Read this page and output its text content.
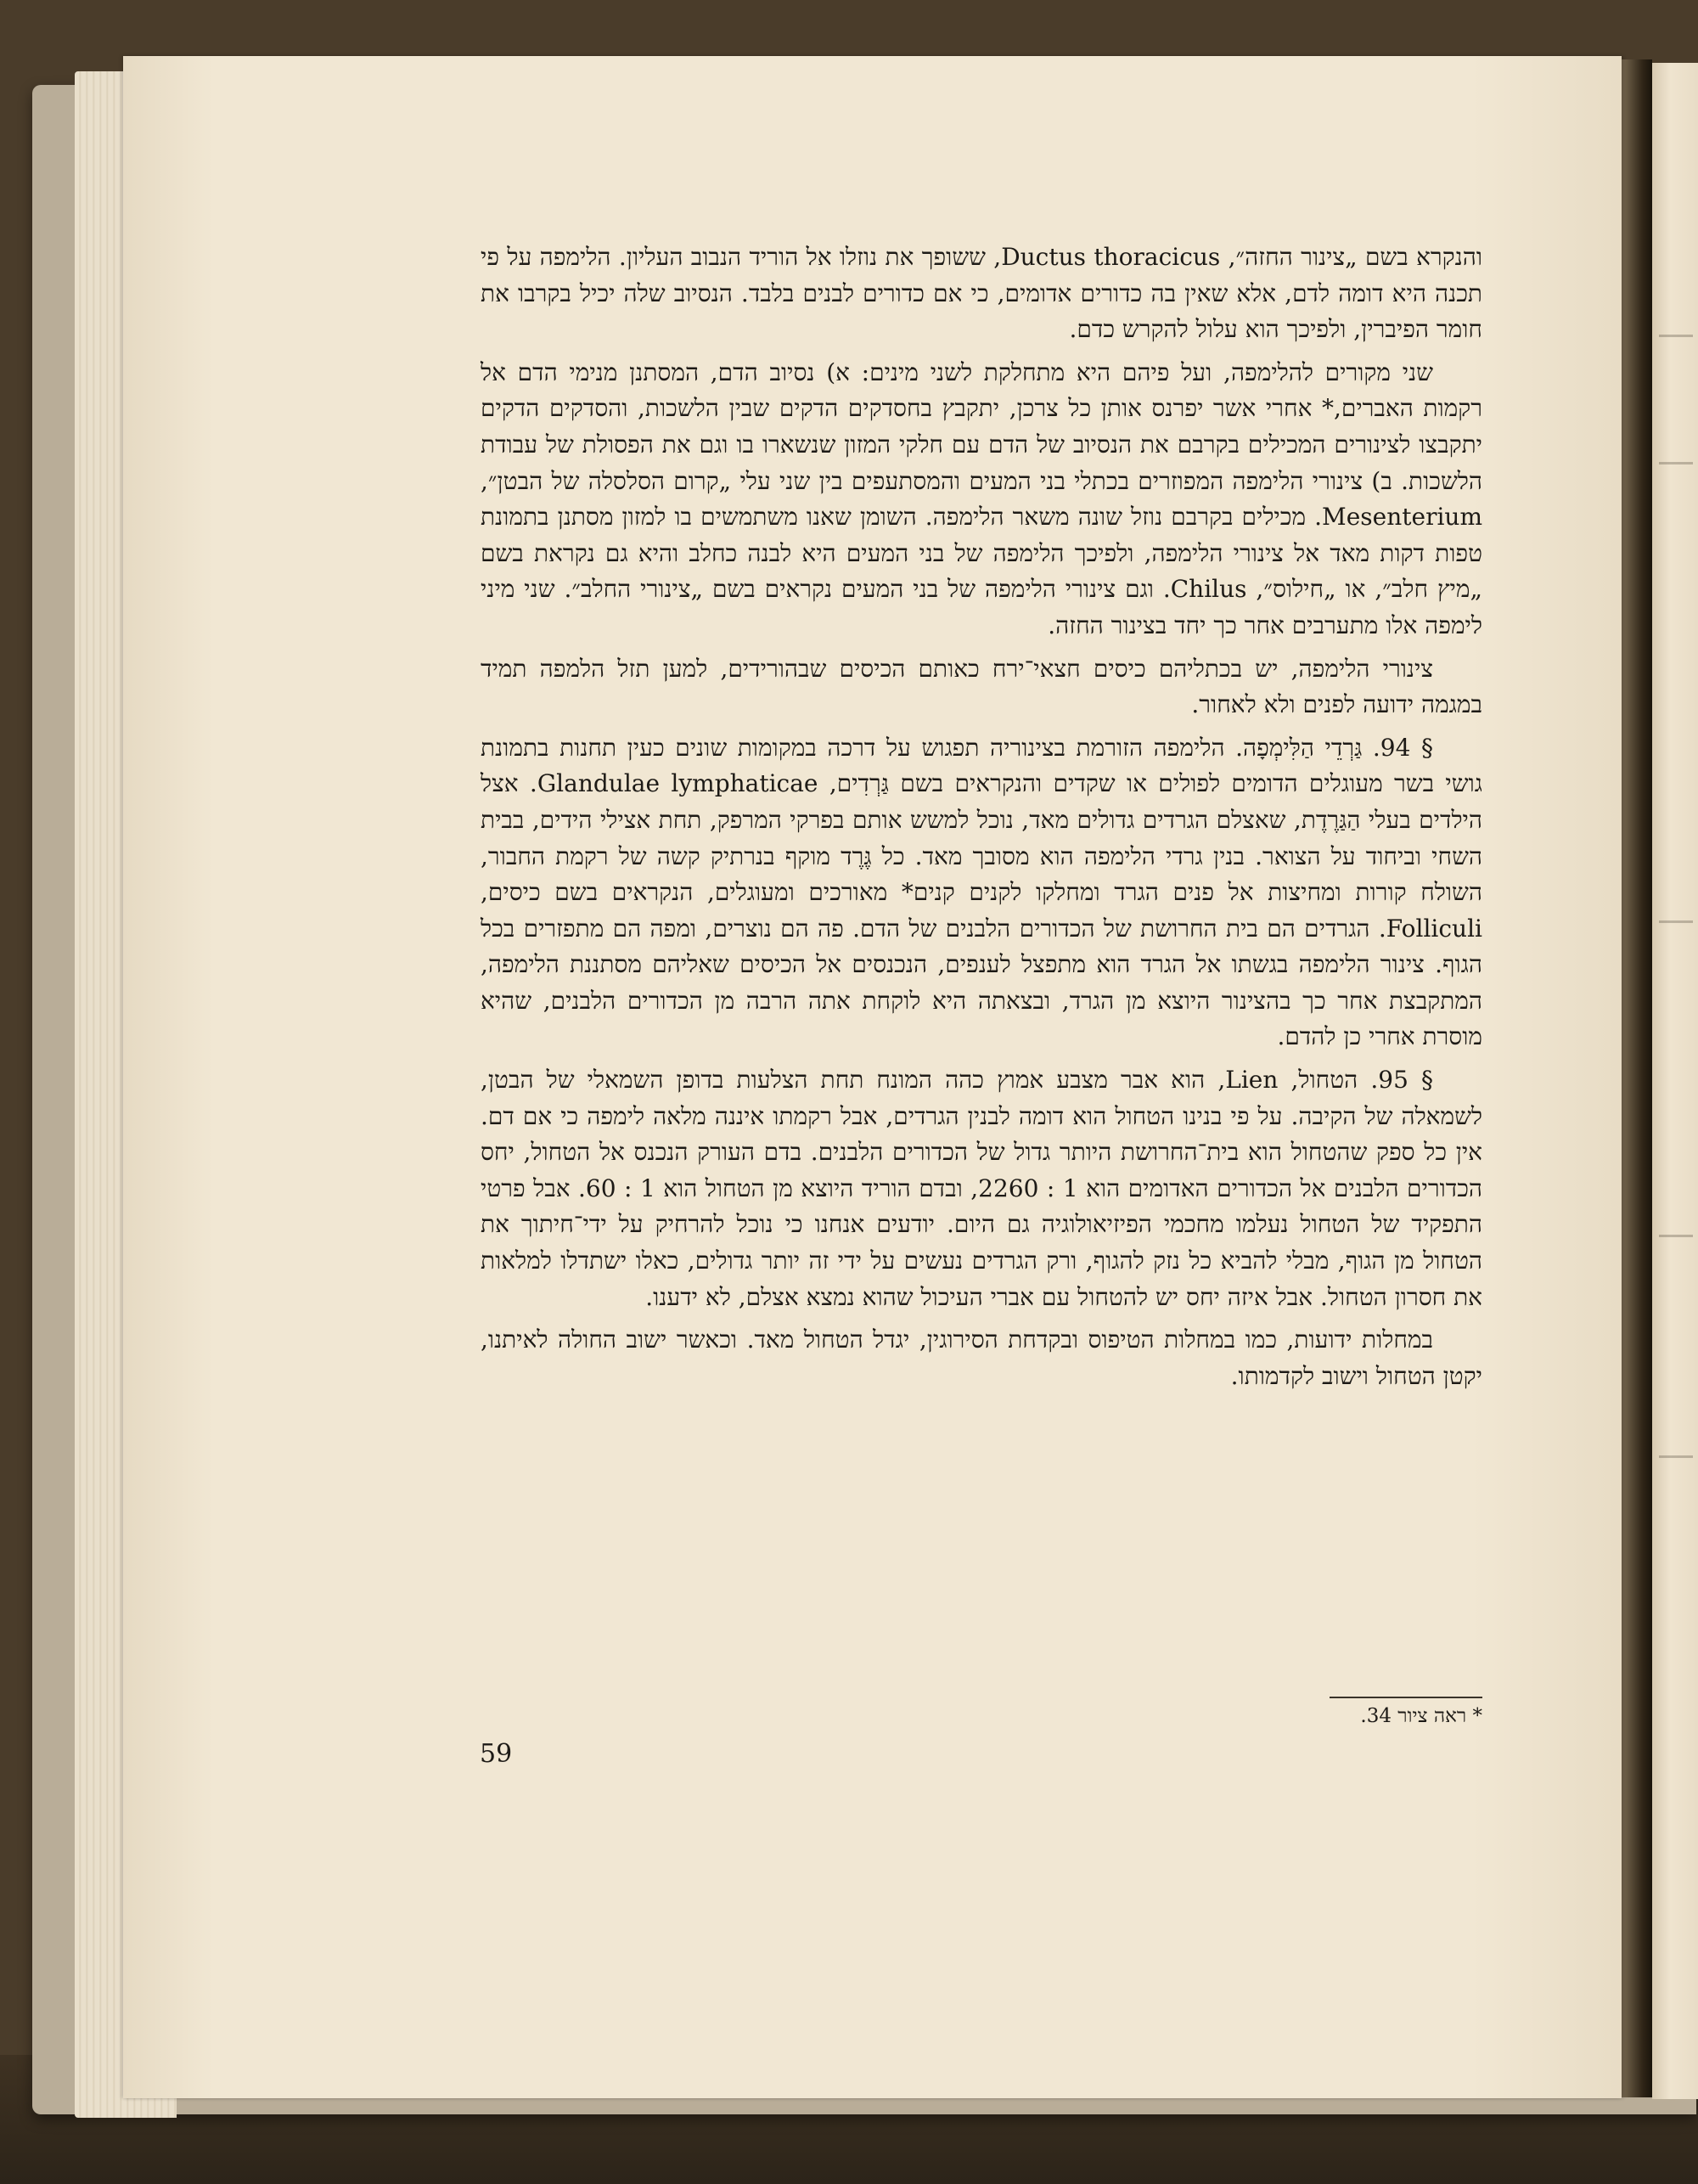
והנקרא בשם „צינור החזה״, Ductus thoracicus, ששופך את נוזלו אל הוריד הנבוב העליון. הלימפה על פי תכנה היא דומה לדם, אלא שאין בה כדורים אדומים, כי אם כדורים לבנים בלבד. הנסיוב שלה יכיל בקרבו את חומר הפיברין, ולפיכך הוא עלול להקרש כדם.

שני מקורים להלימפה, ועל פיהם היא מתחלקת לשני מינים: א) נסיוב הדם, המסתנן מנימי הדם אל רקמות האברים,* אחרי אשר יפרנס אותן כל צרכן, יתקבץ בחסדקים הדקים שבין הלשכות, והסדקים הדקים יתקבצו לצינורים המכילים בקרבם את הנסיוב של הדם עם חלקי המזון שנשארו בו וגם את הפסולת של עבודת הלשכות. ב) צינורי הלימפה המפוזרים בכתלי בני המעים והמסתעפים בין שני עלי „קרום הסלסלה של הבטן״, Mesenterium. מכילים בקרבם נוזל שונה משאר הלימפה. השומן שאנו משתמשים בו למזון מסתנן בתמונת טפות דקות מאד אל צינורי הלימפה, ולפיכך הלימפה של בני המעים היא לבנה כחלב והיא גם נקראת בשם „מיץ חלב״, או „חילוס״, Chilus. וגם צינורי הלימפה של בני המעים נקראים בשם „צינורי החלב״. שני מיני לימפה אלו מתערבים אחר כך יחד בצינור החזה.

צינורי הלימפה, יש בכתליהם כיסים חצאי־ירח כאותם הכיסים שבהורידים, למען תזל הלמפה תמיד במגמה ידועה לפנים ולא לאחור.

§ 94. גַּרְדֵי הַלִּימְפָה. הלימפה הזורמת בצינוריה תפגוש על דרכה במקומות שונים כעין תחנות בתמונת גושי בשר מעוגלים הדומים לפולים או שקדים והנקראים בשם גַּרְדִים, Glandulae lymphaticae. אצל הילדים בעלי הַגַּרֶדֶת, שאצלם הגרדים גדולים מאד, נוכל למשש אותם בפרקי המרפק, תחת אצילי הידים, בבית השחי וביחוד על הצואר. בנין גרדי הלימפה הוא מסובך מאד. כל גֶּרֶד מוקף בנרתיק קשה של רקמת החבור, השולח קורות ומחיצות אל פנים הגרד ומחלקו לקנים קנים* מאורכים ומעוגלים, הנקראים בשם כיסים, Folliculi. הגרדים הם בית החרושת של הכדורים הלבנים של הדם. פה הם נוצרים, ומפה הם מתפזרים בכל הגוף. צינור הלימפה בגשתו אל הגרד הוא מתפצל לענפים, הנכנסים אל הכיסים שאליהם מסתננת הלימפה, המתקבצת אחר כך בהצינור היוצא מן הגרד, ובצאתה היא לוקחת אתה הרבה מן הכדורים הלבנים, שהיא מוסרת אחרי כן להדם.

§ 95. הטחול, Lien, הוא אבר מצבע אמוץ כהה המונח תחת הצלעות בדופן השמאלי של הבטן, לשמאלה של הקיבה. על פי בנינו הטחול הוא דומה לבנין הגרדים, אבל רקמתו איננה מלאה לימפה כי אם דם. אין כל ספק שהטחול הוא בית־החרושת היותר גדול של הכדורים הלבנים. בדם העורק הנכנס אל הטחול, יחס הכדורים הלבנים אל הכדורים האדומים הוא 1 : 2260, ובדם הוריד היוצא מן הטחול הוא 1 : 60. אבל פרטי התפקיד של הטחול נעלמו מחכמי הפיזיאולוגיה גם היום. יודעים אנחנו כי נוכל להרחיק על ידי־חיתוך את הטחול מן הגוף, מבלי להביא כל נזק להגוף, ורק הגרדים נעשים על ידי זה יותר גדולים, כאלו ישתדלו למלאות את חסרון הטחול. אבל איזה יחס יש להטחול עם אברי העיכול שהוא נמצא אצלם, לא ידענו.

במחלות ידועות, כמו במחלות הטיפוס ובקדחת הסירוגין, יגדל הטחול מאד. וכאשר ישוב החולה לאיתנו, יקטן הטחול וישוב לקדמותו.

* ראה ציור 34.
59
